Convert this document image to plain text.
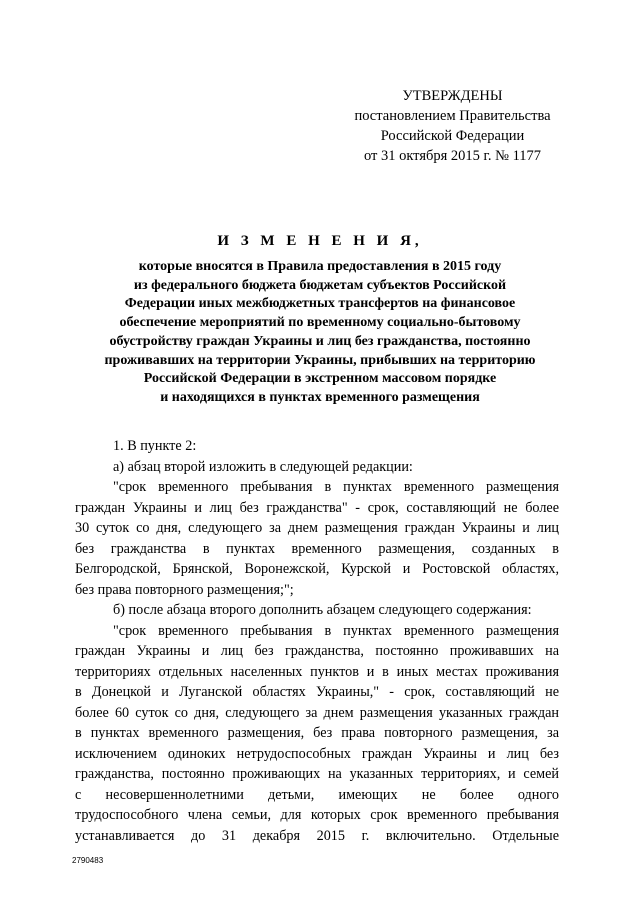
УТВЕРЖДЕНЫ
постановлением Правительства
Российской Федерации
от 31 октября 2015 г. № 1177
И З М Е Н Е Н И Я,
которые вносятся в Правила предоставления в 2015 году
из федерального бюджета бюджетам субъектов Российской
Федерации иных межбюджетных трансфертов на финансовое
обеспечение мероприятий по временному социально-бытовому
обустройству граждан Украины и лиц без гражданства, постоянно
проживавших на территории Украины, прибывших на территорию
Российской Федерации в экстренном массовом порядке
и находящихся в пунктах временного размещения

1. В пункте 2:

а) абзац второй изложить в следующей редакции:

"срок временного пребывания в пунктах временного размещения

граждан Украины и лиц без гражданства" - срок, составляющий не более

30 суток со дня, следующего за днем размещения граждан Украины и лиц

без гражданства в пунктах временного размещения, созданных в

Белгородской, Брянской, Воронежской, Курской и Ростовской областях,

без права повторного размещения;";

б) после абзаца второго дополнить абзацем следующего содержания:

"срок временного пребывания в пунктах временного размещения

граждан Украины и лиц без гражданства, постоянно проживавших на

территориях отдельных населенных пунктов и в иных местах проживания

в Донецкой и Луганской областях Украины," - срок, составляющий не

более 60 суток со дня, следующего за днем размещения указанных граждан

в пунктах временного размещения, без права повторного размещения, за

исключением одиноких нетрудоспособных граждан Украины и лиц без

гражданства, постоянно проживающих на указанных территориях, и семей

с несовершеннолетними детьми, имеющих не более одного

трудоспособного члена семьи, для которых срок временного пребывания

устанавливается до 31 декабря 2015 г. включительно. Отдельные

2790483
